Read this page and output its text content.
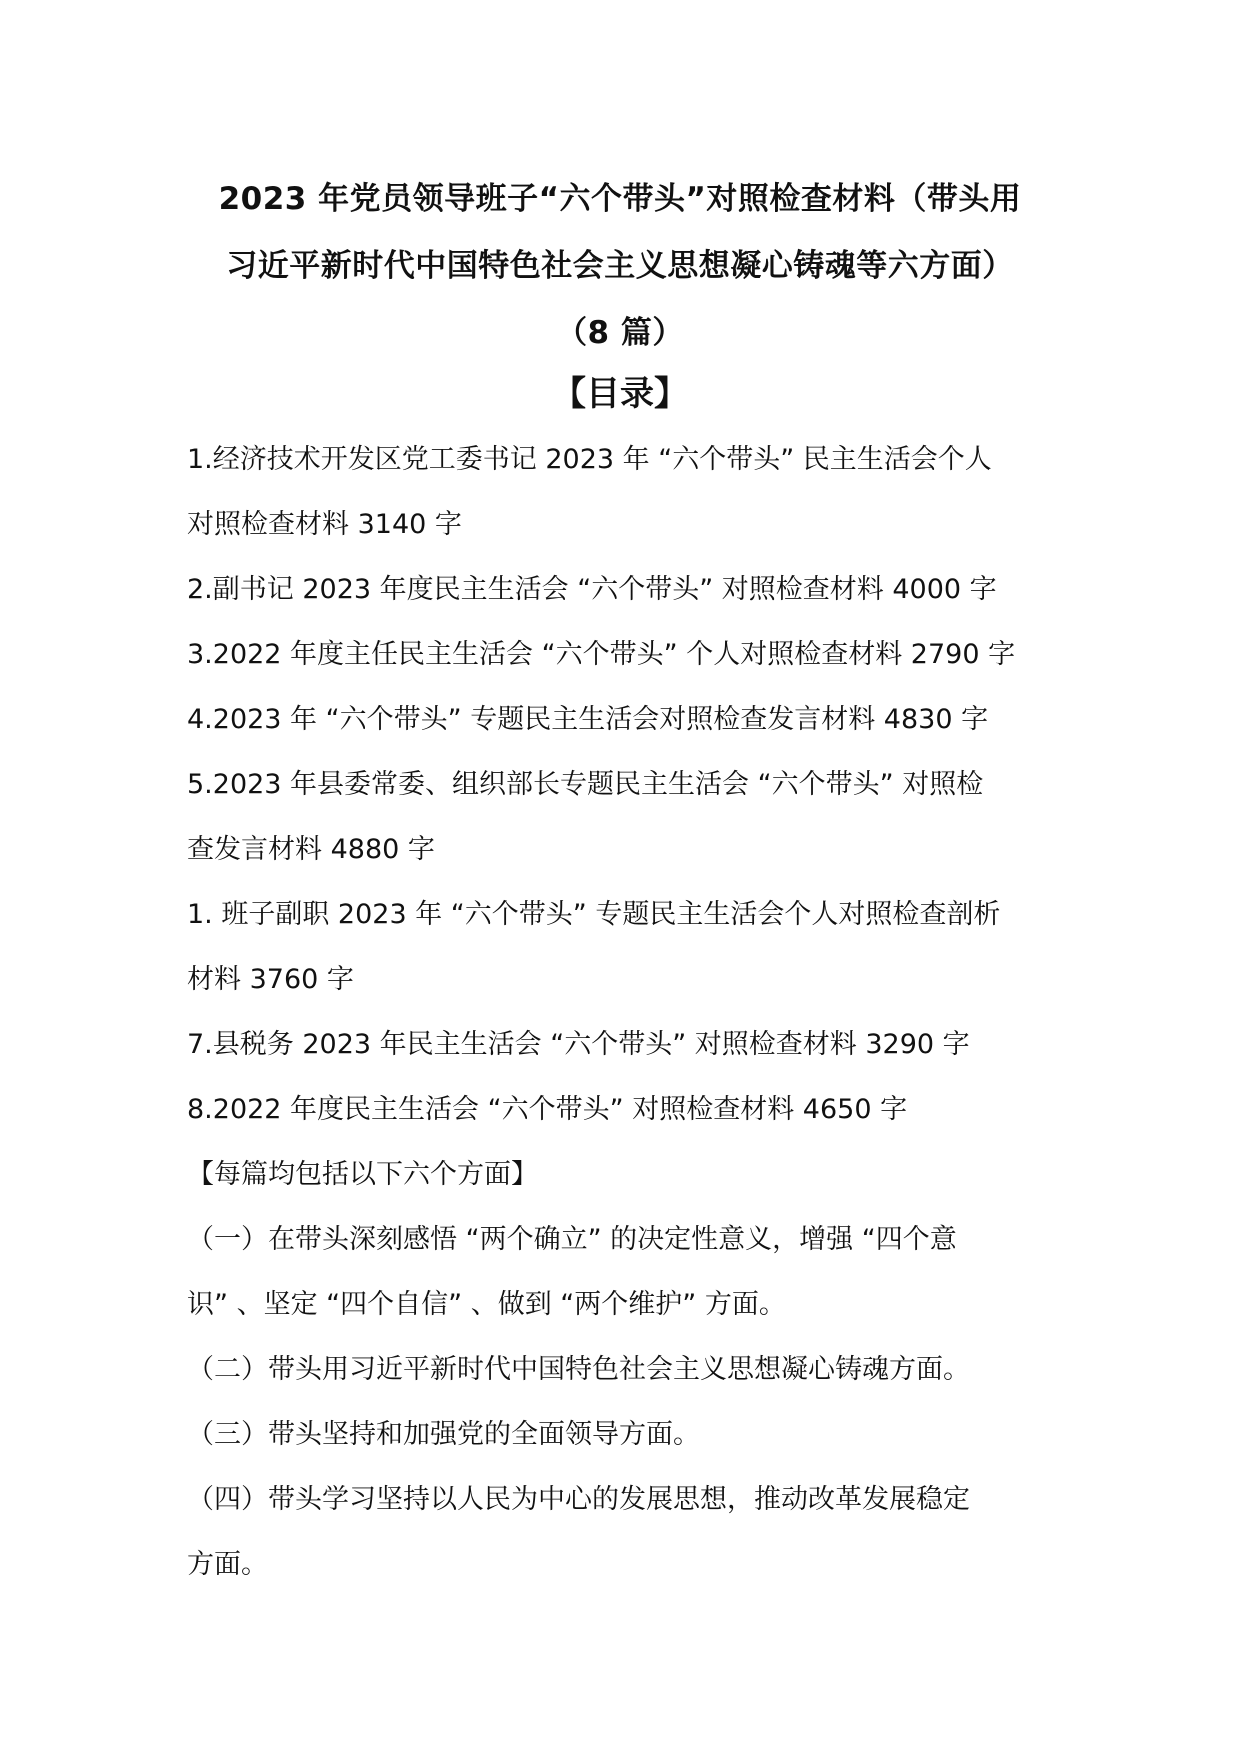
2023 年党员领导班子“六个带头”对照检查材料（带头用
习近平新时代中国特色社会主义思想凝心铸魂等六方面）
（8 篇）
【目录】
1.经济技术开发区党工委书记 2023 年 “六个带头” 民主生活会个人
对照检查材料 3140 字
2.副书记 2023 年度民主生活会 “六个带头” 对照检查材料 4000 字
3.2022 年度主任民主生活会 “六个带头” 个人对照检查材料 2790 字
4.2023 年 “六个带头” 专题民主生活会对照检查发言材料 4830 字
5.2023 年县委常委、组织部长专题民主生活会 “六个带头” 对照检
查发言材料 4880 字
1. 班子副职 2023 年 “六个带头” 专题民主生活会个人对照检查剖析
材料 3760 字
7.县税务 2023 年民主生活会 “六个带头” 对照检查材料 3290 字
8.2022 年度民主生活会 “六个带头” 对照检查材料 4650 字
【每篇均包括以下六个方面】
（一）在带头深刻感悟 “两个确立” 的决定性意义，增强 “四个意
识” 、坚定 “四个自信” 、做到 “两个维护” 方面。
（二）带头用习近平新时代中国特色社会主义思想凝心铸魂方面。
（三）带头坚持和加强党的全面领导方面。
（四）带头学习坚持以人民为中心的发展思想，推动改革发展稳定
方面。
